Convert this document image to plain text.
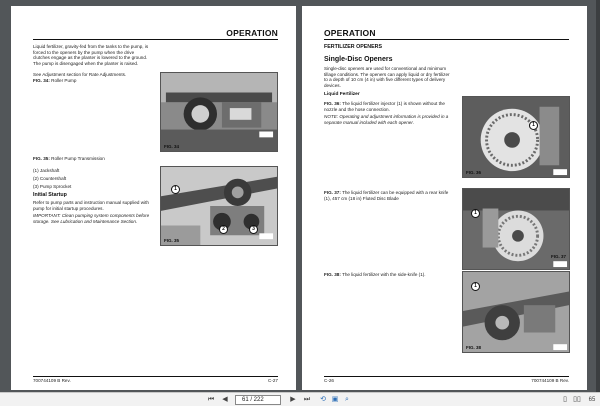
OPERATION
Liquid fertilizer, gravity-fed from the tanks to the pump, is forced to the openers by the pump when the drive clutches engage as the planter is lowered to the ground. The pump is disengaged when the planter is raised.
See Adjustment section for Rate Adjustments.
FIG. 34: Roller Pump
FIG. 34
FIG. 35: Roller Pump Transmission
(1) Jackshaft
(2) Countershaft
(3) Pump Sprocket
Initial Startup
Refer to pump parts and instruction manual supplied with pump for initial startup procedures.
IMPORTANT: Clean pumping system components before storage. See Lubrication and Maintenance Section.
1
2	3
FIG. 35
700744109 B Rev.	C-27
OPERATION
FERTILIZER OPENERS
Single-Disc Openers
Single-disc openers are used for conventional and minimum tillage conditions. The openers can apply liquid or dry fertilizer to a depth of 10 cm (4 in) with five different types of delivery devices.
Liquid Fertilizer
FIG. 36: The liquid fertilizer injector (1) is shown without the nozzle and the hose connection.
NOTE: Operating and adjustment information is provided in a separate manual included with each opener.	1
FIG. 36
FIG. 37: The liquid fertilizer can be equipped with a rear knife (1), 457 cm (18 in) Fluted Disc Blade
1
FIG. 37
FIG. 38: The liquid fertilizer with the side-knife (1).
1
FIG. 38
C-26	700744109 B Rev.
⏮	◀	61 / 222	▶	⏭ ⟲ ▣ ⌕	▯ ▯▯	65
